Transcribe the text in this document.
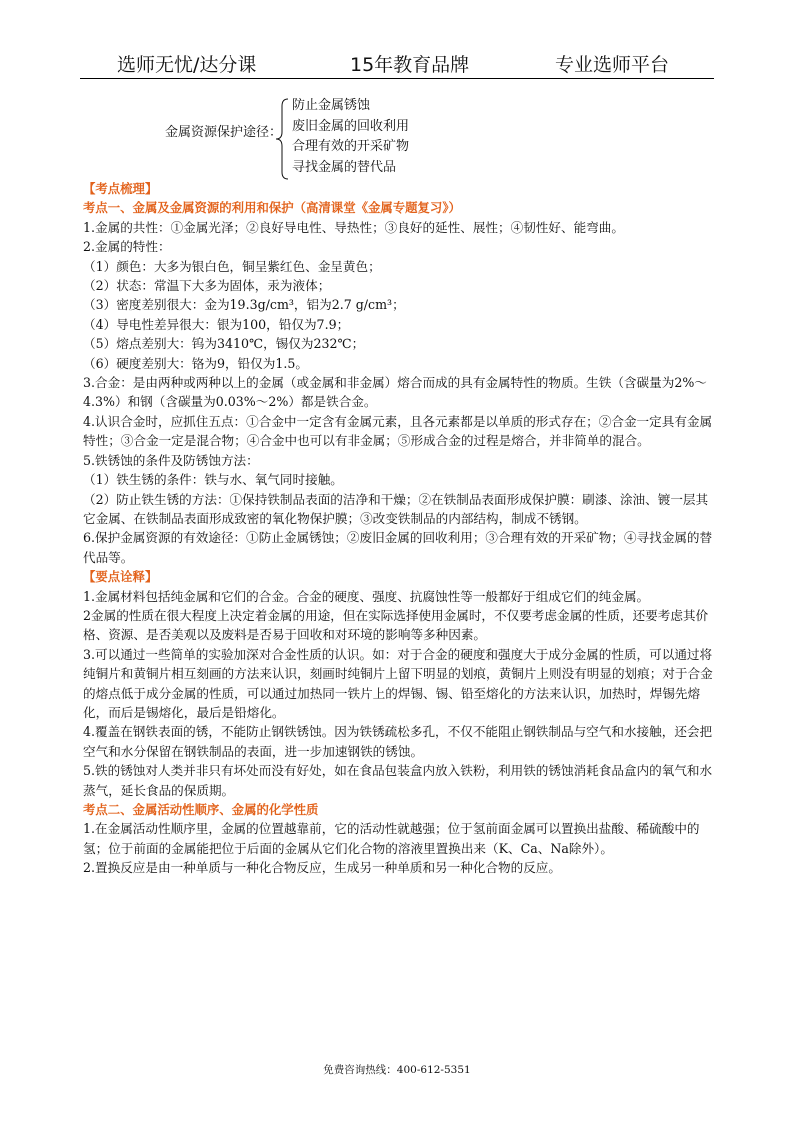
选师无忧/达分课	15年教育品牌	专业选师平台
金属资源保护途径：
防止金属锈蚀
废旧金属的回收利用
合理有效的开采矿物
寻找金属的替代品

【考点梳理】

考点一、金属及金属资源的利用和保护（高清课堂《金属专题复习》）

1.金属的共性：①金属光泽；②良好导电性、导热性；③良好的延性、展性；④韧性好、能弯曲。

2.金属的特性：

（1）颜色：大多为银白色，铜呈紫红色、金呈黄色；

（2）状态：常温下大多为固体，汞为液体；

（3）密度差别很大：金为19.3g/cm³，铝为2.7 g/cm³；

（4）导电性差异很大：银为100，铅仅为7.9；

（5）熔点差别大：钨为3410℃，锡仅为232℃；

（6）硬度差别大：铬为9，铅仅为1.5。

3.合金：是由两种或两种以上的金属（或金属和非金属）熔合而成的具有金属特性的物质。生铁（含碳量为2%～4.3%）和钢（含碳量为0.03%～2%）都是铁合金。

4.认识合金时，应抓住五点：①合金中一定含有金属元素，且各元素都是以单质的形式存在；②合金一定具有金属特性；③合金一定是混合物；④合金中也可以有非金属；⑤形成合金的过程是熔合，并非简单的混合。

5.铁锈蚀的条件及防锈蚀方法：

（1）铁生锈的条件：铁与水、氧气同时接触。

（2）防止铁生锈的方法：①保持铁制品表面的洁净和干燥；②在铁制品表面形成保护膜：刷漆、涂油、镀一层其它金属、在铁制品表面形成致密的氧化物保护膜；③改变铁制品的内部结构，制成不锈钢。

6.保护金属资源的有效途径：①防止金属锈蚀；②废旧金属的回收利用；③合理有效的开采矿物；④寻找金属的替代品等。

【要点诠释】

1.金属材料包括纯金属和它们的合金。合金的硬度、强度、抗腐蚀性等一般都好于组成它们的纯金属。

2金属的性质在很大程度上决定着金属的用途，但在实际选择使用金属时，不仅要考虑金属的性质，还要考虑其价格、资源、是否美观以及废料是否易于回收和对环境的影响等多种因素。

3.可以通过一些简单的实验加深对合金性质的认识。如：对于合金的硬度和强度大于成分金属的性质，可以通过将纯铜片和黄铜片相互刻画的方法来认识，刻画时纯铜片上留下明显的划痕，黄铜片上则没有明显的划痕；对于合金的熔点低于成分金属的性质，可以通过加热同一铁片上的焊锡、锡、铅至熔化的方法来认识，加热时，焊锡先熔化，而后是锡熔化，最后是铅熔化。

4.覆盖在钢铁表面的锈，不能防止钢铁锈蚀。因为铁锈疏松多孔，不仅不能阻止钢铁制品与空气和水接触，还会把空气和水分保留在钢铁制品的表面，进一步加速钢铁的锈蚀。

5.铁的锈蚀对人类并非只有坏处而没有好处，如在食品包装盒内放入铁粉，利用铁的锈蚀消耗食品盒内的氧气和水蒸气，延长食品的保质期。

考点二、金属活动性顺序、金属的化学性质

1.在金属活动性顺序里，金属的位置越靠前，它的活动性就越强；位于氢前面金属可以置换出盐酸、稀硫酸中的氢；位于前面的金属能把位于后面的金属从它们化合物的溶液里置换出来（K、Ca、Na除外）。

2.置换反应是由一种单质与一种化合物反应，生成另一种单质和另一种化合物的反应。

免费咨询热线：400-612-5351
